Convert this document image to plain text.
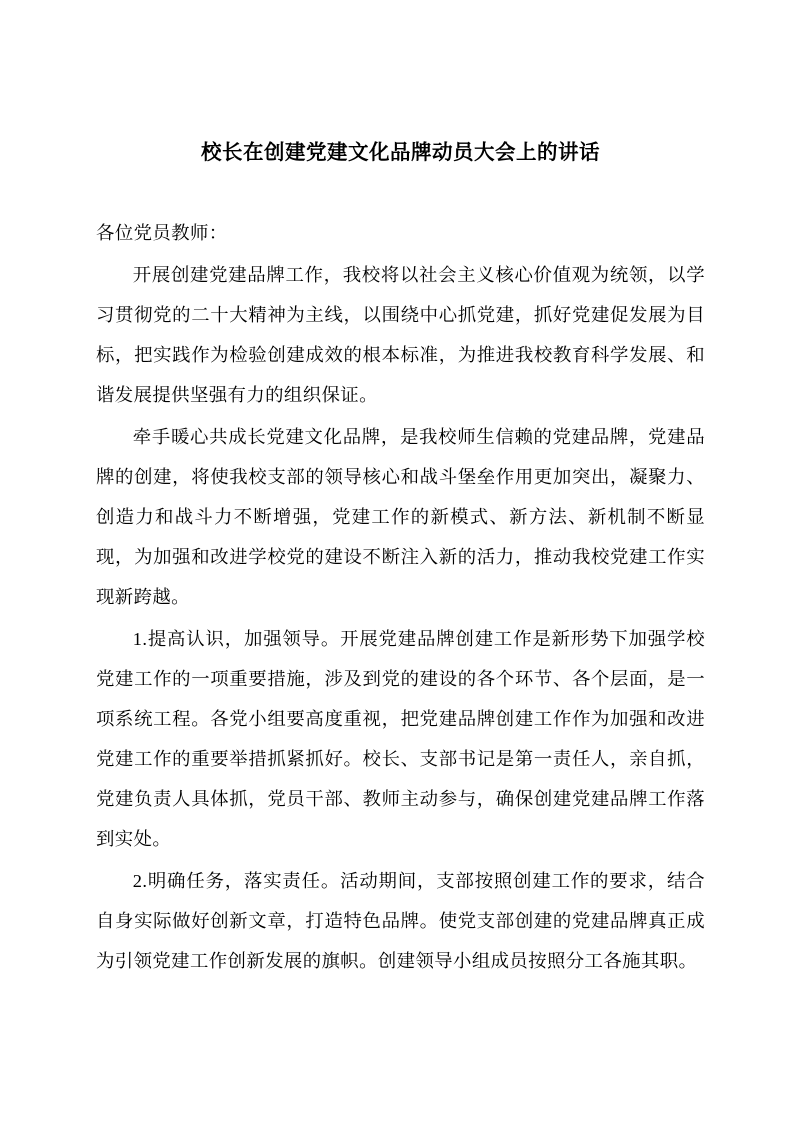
校长在创建党建文化品牌动员大会上的讲话

各位党员教师：

开展创建党建品牌工作，我校将以社会主义核心价值观为统领，以学习贯彻党的二十大精神为主线，以围绕中心抓党建，抓好党建促发展为目标，把实践作为检验创建成效的根本标准，为推进我校教育科学发展、和谐发展提供坚强有力的组织保证。

牵手暖心共成长党建文化品牌，是我校师生信赖的党建品牌，党建品牌的创建，将使我校支部的领导核心和战斗堡垒作用更加突出，凝聚力、创造力和战斗力不断增强，党建工作的新模式、新方法、新机制不断显现，为加强和改进学校党的建设不断注入新的活力，推动我校党建工作实现新跨越。

1.提高认识，加强领导。开展党建品牌创建工作是新形势下加强学校党建工作的一项重要措施，涉及到党的建设的各个环节、各个层面，是一项系统工程。各党小组要高度重视，把党建品牌创建工作作为加强和改进党建工作的重要举措抓紧抓好。校长、支部书记是第一责任人，亲自抓，党建负责人具体抓，党员干部、教师主动参与，确保创建党建品牌工作落到实处。

2.明确任务，落实责任。活动期间，支部按照创建工作的要求，结合自身实际做好创新文章，打造特色品牌。使党支部创建的党建品牌真正成为引领党建工作创新发展的旗帜。创建领导小组成员按照分工各施其职。
